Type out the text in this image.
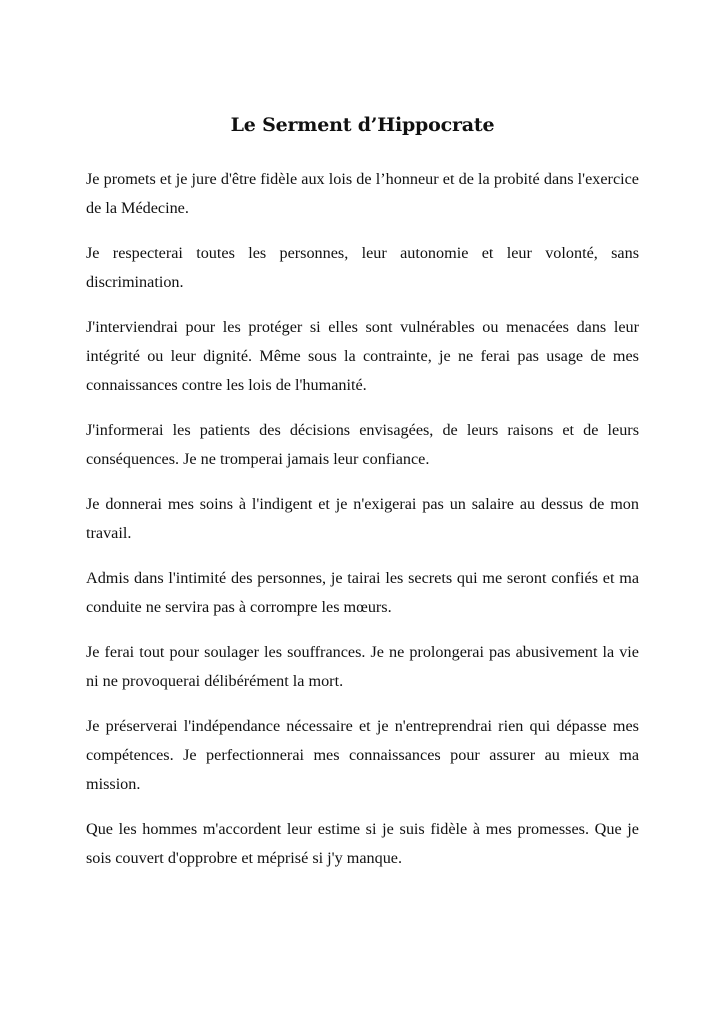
Le Serment d’Hippocrate

Je promets et je jure d'être fidèle aux lois de l’honneur et de la probité dans l'exercice de la Médecine.

Je respecterai toutes les personnes, leur autonomie et leur volonté, sans discrimination.

J'interviendrai pour les protéger si elles sont vulnérables ou menacées dans leur intégrité ou leur dignité. Même sous la contrainte, je ne ferai pas usage de mes connaissances contre les lois de l'humanité.

J'informerai les patients des décisions envisagées, de leurs raisons et de leurs conséquences. Je ne tromperai jamais leur confiance.

Je donnerai mes soins à l'indigent et je n'exigerai pas un salaire au dessus de mon travail.

Admis dans l'intimité des personnes, je tairai les secrets qui me seront confiés et ma conduite ne servira pas à corrompre les mœurs.

Je ferai tout pour soulager les souffrances. Je ne prolongerai pas abusivement la vie ni ne provoquerai délibérément la mort.

Je préserverai l'indépendance nécessaire et je n'entreprendrai rien qui dépasse mes compétences. Je perfectionnerai mes connaissances pour assurer au mieux ma mission.

Que les hommes m'accordent leur estime si je suis fidèle à mes promesses. Que je sois couvert d'opprobre et méprisé si j'y manque.
